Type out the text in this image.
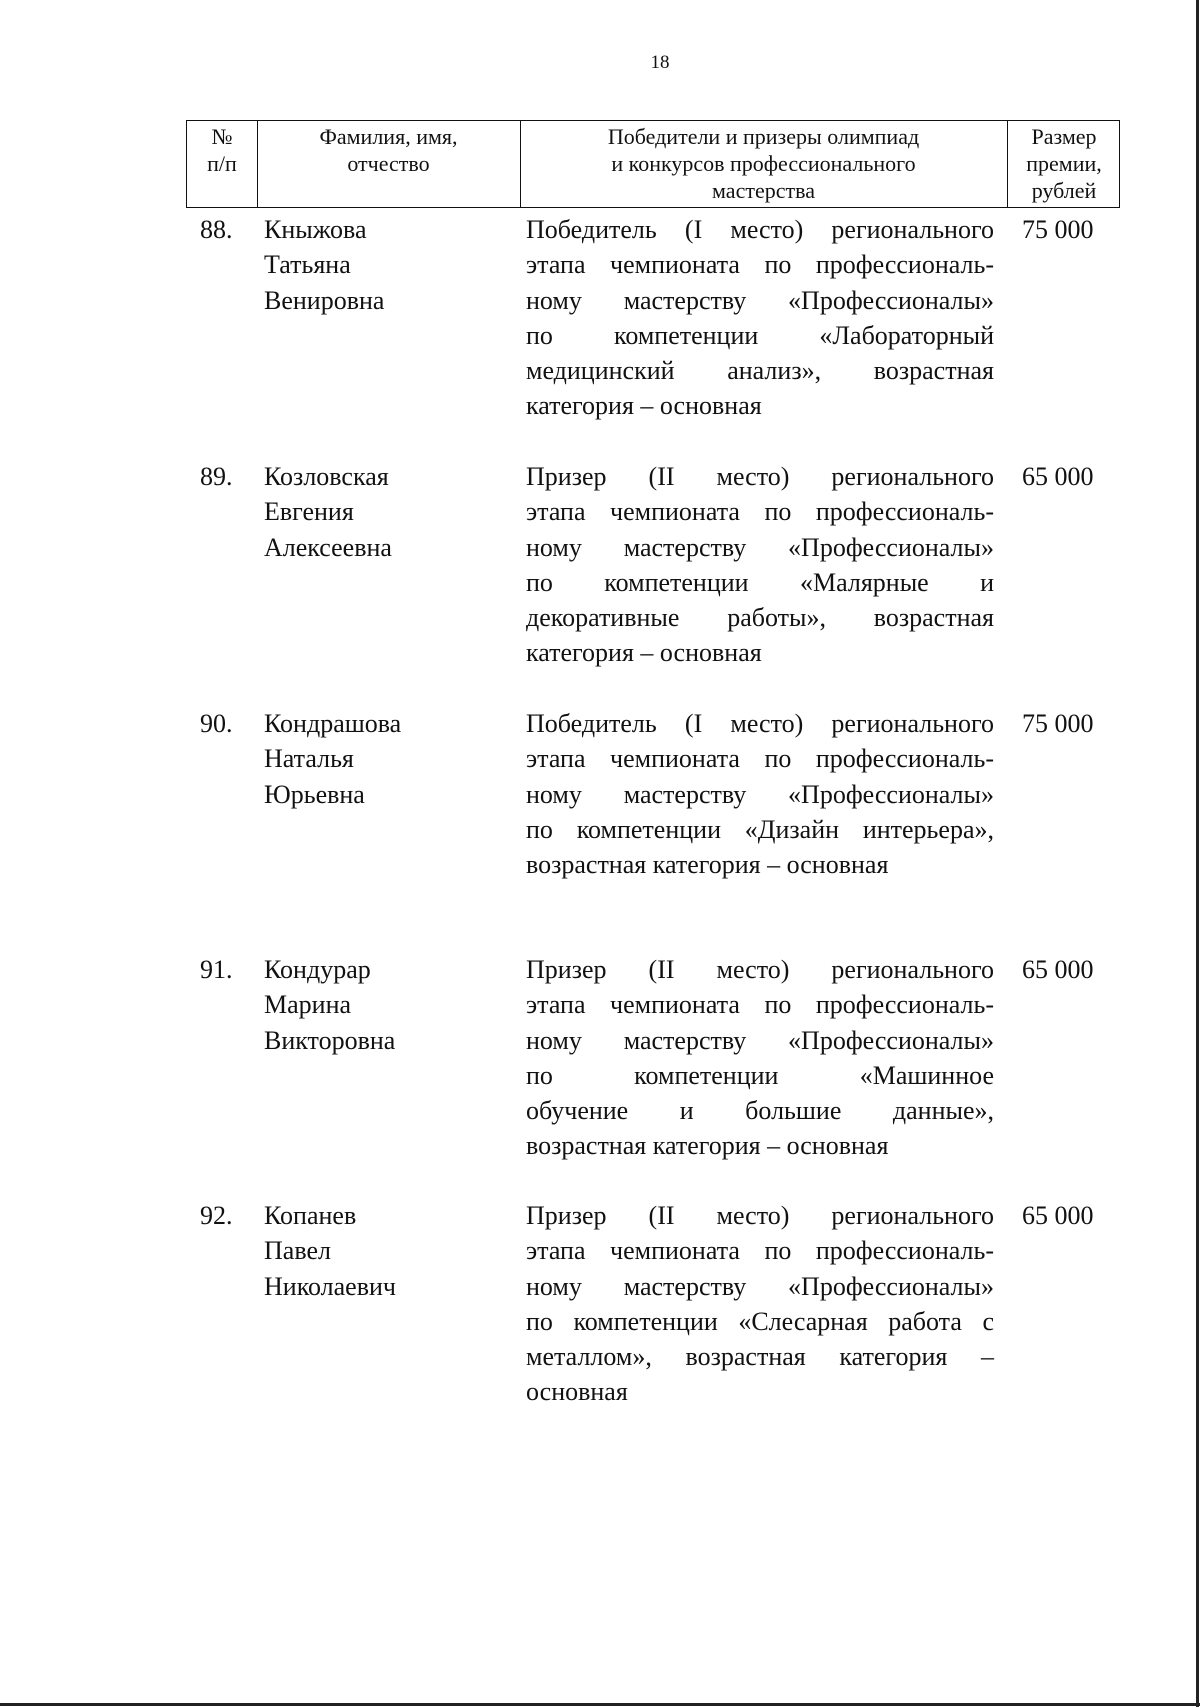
18
№
п/п
Фамилия, имя,
отчество
Победители и призеры олимпиад
и конкурсов профессионального
мастерства
Размер
премии,
рублей
88. Кныжова
Татьяна
Венировна
Победитель (I место) регионального
этапа чемпионата по профессиональ-
ному мастерству «Профессионалы»
по компетенции «Лабораторный
медицинский анализ», возрастная
категория – основная
75 000
89. Козловская
Евгения
Алексеевна
Призер (II место) регионального
этапа чемпионата по профессиональ-
ному мастерству «Профессионалы»
по компетенции «Малярные и
декоративные работы», возрастная
категория – основная
65 000
90. Кондрашова
Наталья
Юрьевна
Победитель (I место) регионального
этапа чемпионата по профессиональ-
ному мастерству «Профессионалы»
по компетенции «Дизайн интерьера»,
возрастная категория – основная
75 000
91. Кондурар
Марина
Викторовна
Призер (II место) регионального
этапа чемпионата по профессиональ-
ному мастерству «Профессионалы»
по компетенции «Машинное
обучение и большие данные»,
возрастная категория – основная
65 000
92. Копанев
Павел
Николаевич
Призер (II место) регионального
этапа чемпионата по профессиональ-
ному мастерству «Профессионалы»
по компетенции «Слесарная работа с
металлом», возрастная категория –
основная
65 000
